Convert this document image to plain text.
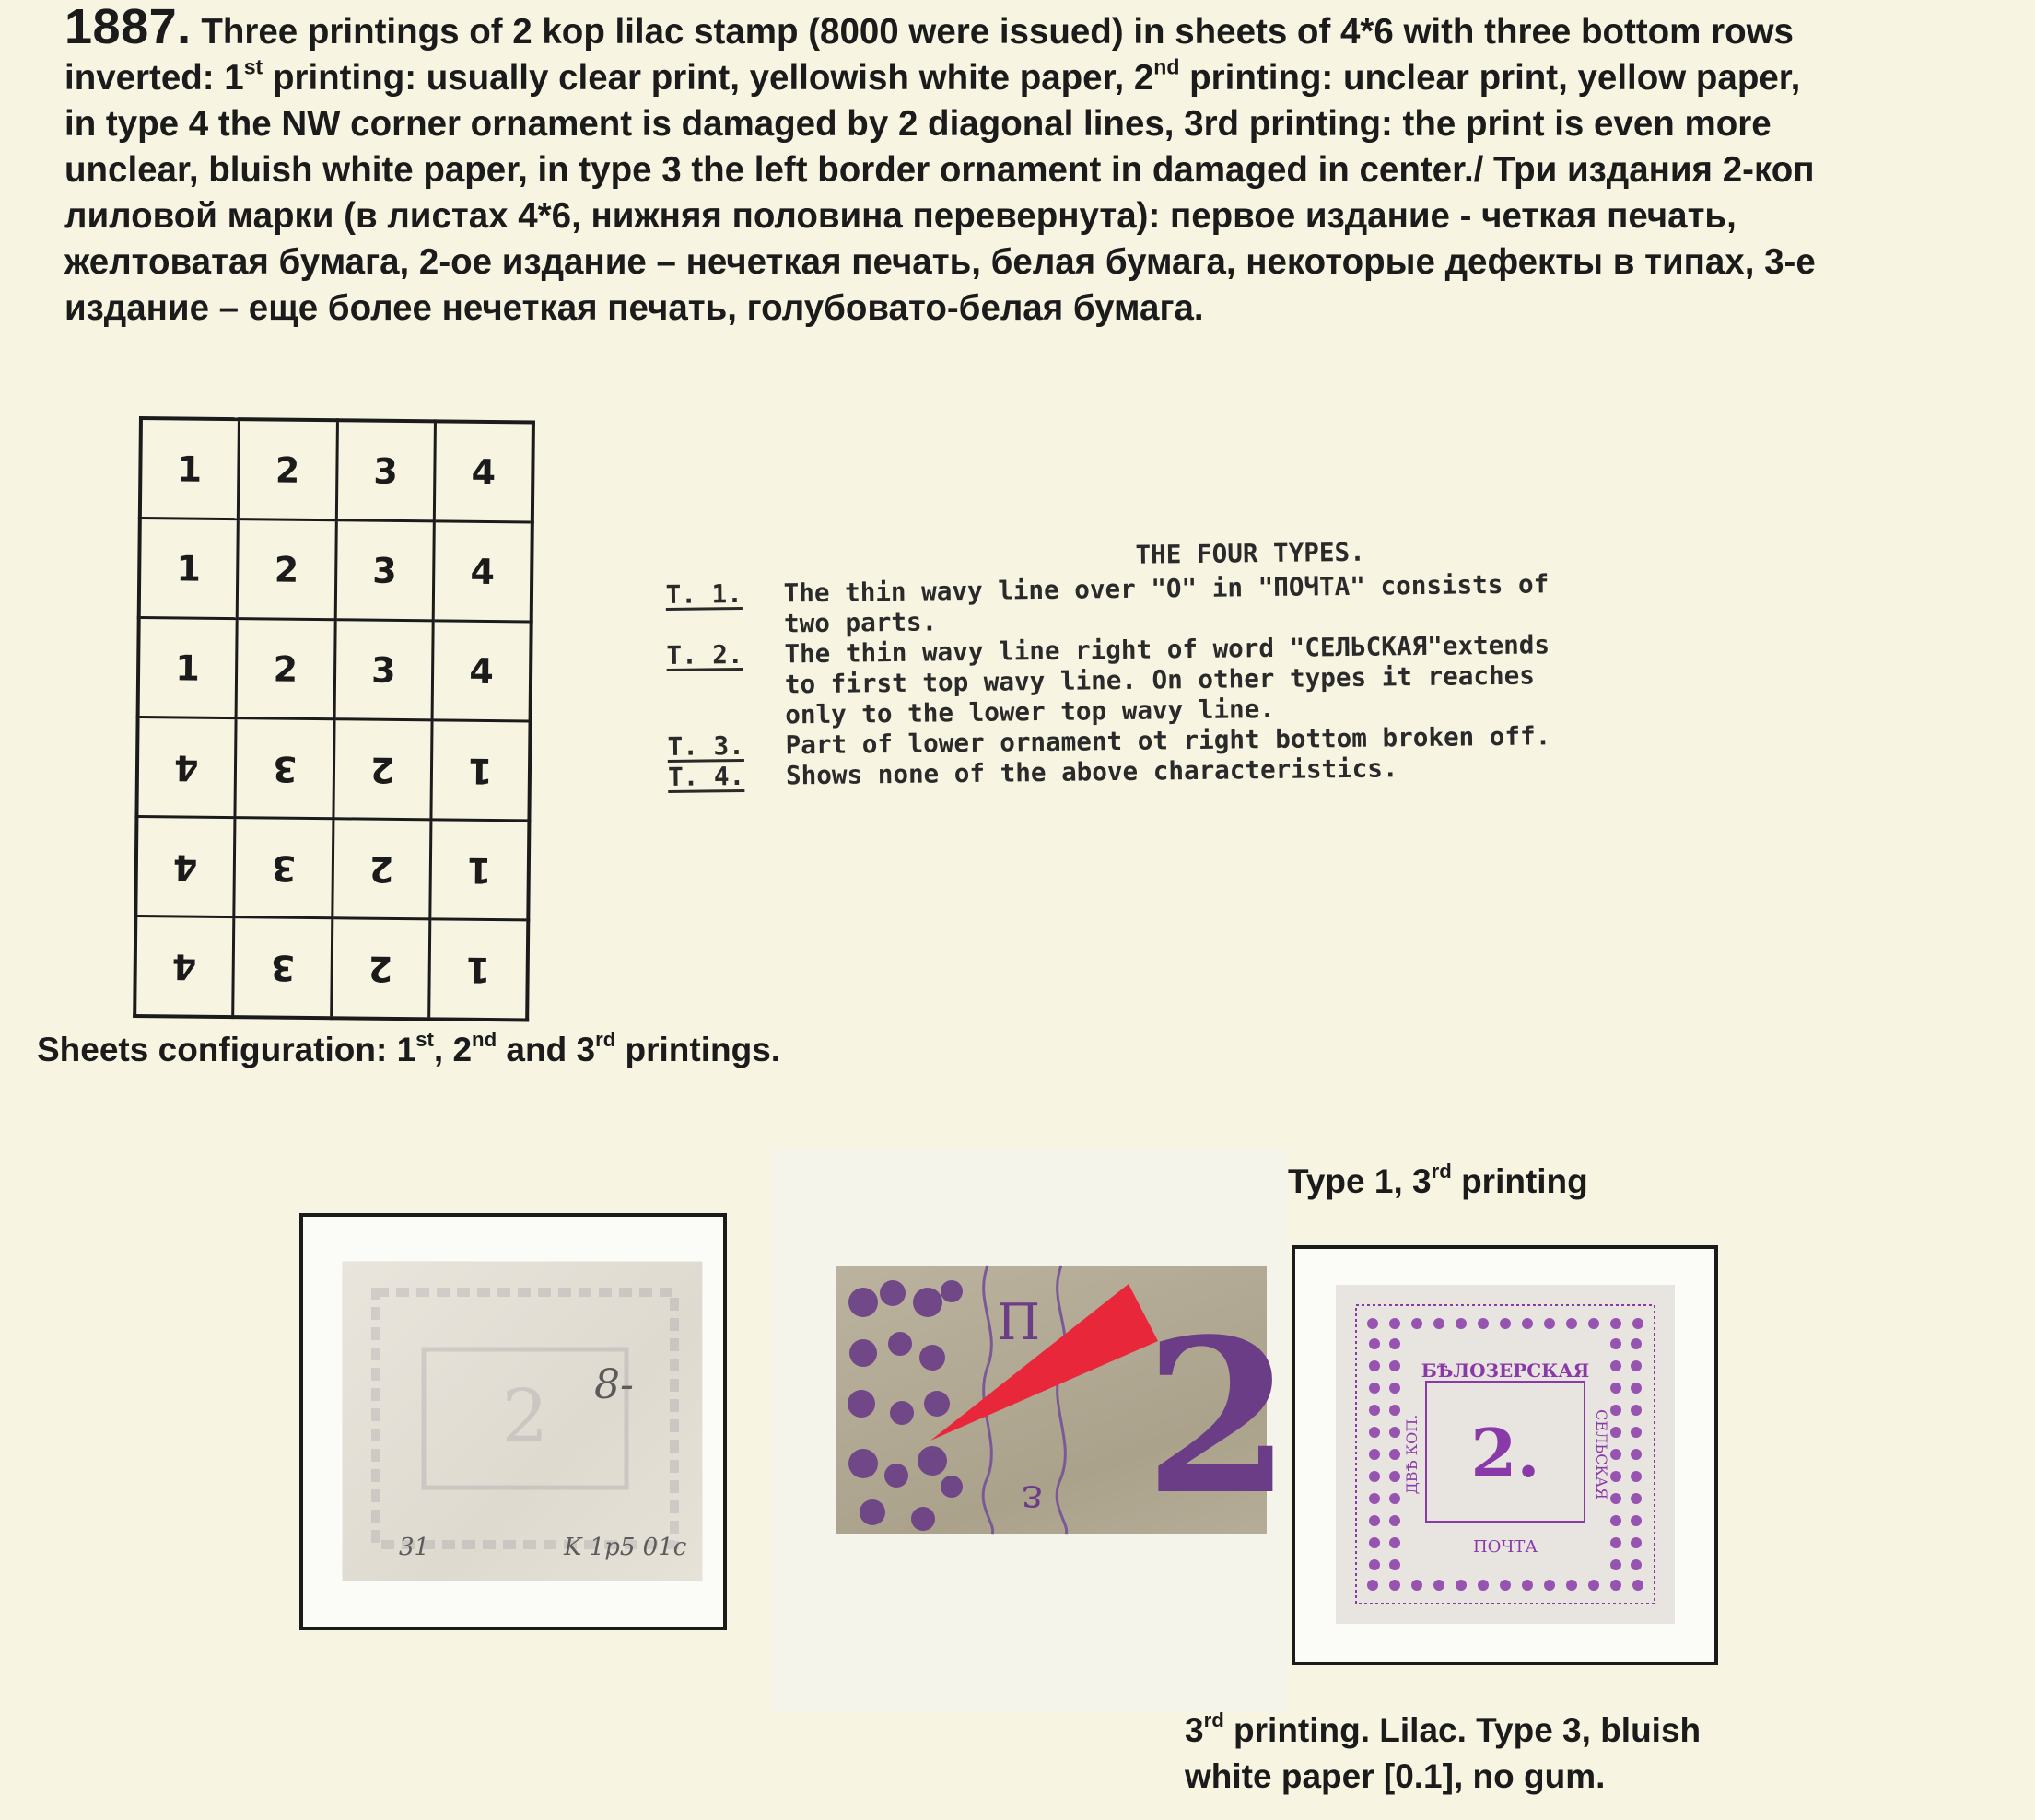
1887. Three printings of 2 kop lilac stamp (8000 were issued) in sheets of 4*6 with three bottom rows
inverted: 1st printing: usually clear print, yellowish white paper, 2nd printing: unclear print, yellow paper,
in type 4 the NW corner ornament is damaged by 2 diagonal lines, 3rd printing: the print is even more
unclear, bluish white paper, in type 3 the left border ornament in damaged in center./ Три издания 2-коп
лиловой марки (в листах 4*6, нижняя половина перевернута): первое издание - четкая печать,
желтоватая бумага, 2-ое издание – нечеткая печать, белая бумага, некоторые дефекты в типах, 3-е
издание – еще более нечеткая печать, голубовато-белая бумага.
1	2	3	4
1	2	3	4
1	2	3	4
4	3	2	1
4	3	2	1
4	3	2	1
THE FOUR TYPES.
T. 1.	The thin wavy line over "O" in "ПОЧТА" consists of
two parts.
T. 2.	The thin wavy line right of word "СЕЛЬСКАЯ"extends
to first top wavy line. On other types it reaches
only to the lower top wavy line.
T. 3.	Part of lower ornament ot right bottom broken off.
T. 4.	Shows none of the above characteristics.
Sheets configuration: 1st, 2nd and 3rd printings.
2 8-
31	K 1p5 01c
П
ε 2
Type 1, 3rd printing
БѢЛОЗЕРСКАЯ
ПОЧТА
ДВѢ КОП.	СЕЛЬСКАЯ
2.
3rd printing. Lilac. Type 3, bluish
white paper [0.1], no gum.
